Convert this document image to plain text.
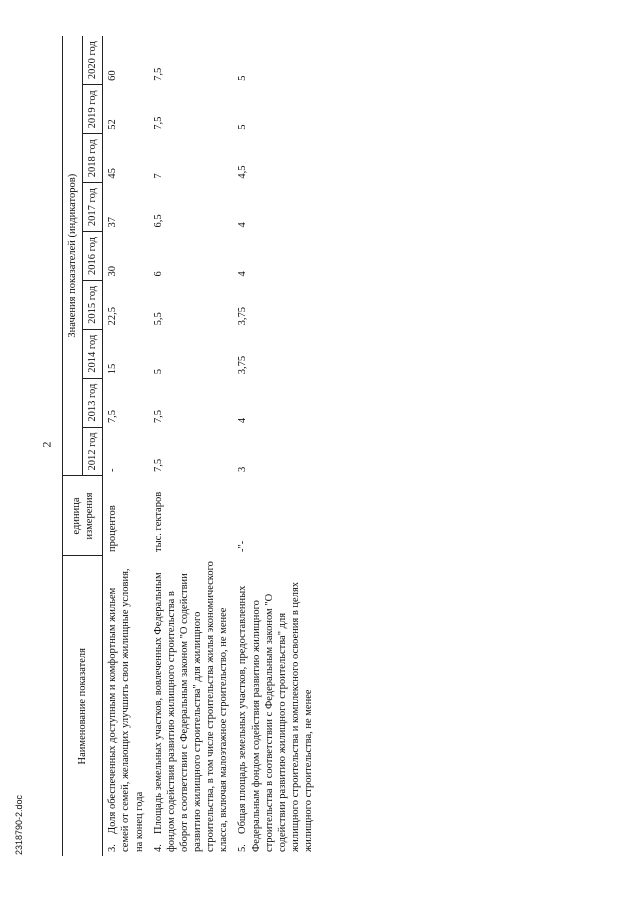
2
Наименование показателя	единица измерения	Значения показателей (индикаторов)								
		2012 год	2013 год	2014 год	2015 год	2016 год	2017 год	2018 год	2019 год	2020 год
3.Доля обеспеченных доступным и комфортным жильем семей от семей, желающих улучшить свои жилищные условия, на конец года	процентов	-	7,5	15	22,5	30	37	45	52	60
4.Площадь земельных участков, вовлеченных Федеральным фондом содействия развитию жилищного строительства в оборот в соответствии с Федеральным законом "О содействии развитию жилищного строительства" для жилищного строительства, в том числе строительства жилья экономического класса, включая малоэтажное строительство, не менее	тыс. гектаров	7,5	7,5	5	5,5	6	6,5	7	7,5	7,5
5.Общая площадь земельных участков, предоставленных Федеральным фондом содействия развитию жилищного строительства в соответствии с Федеральным законом "О содействии развитию жилищного строительства" для жилищного строительства и комплексного освоения в целях жилищного строительства, не менее	-"-	3	4	3,75	3,75	4	4	4,5	5	5
2318790-2.doc
